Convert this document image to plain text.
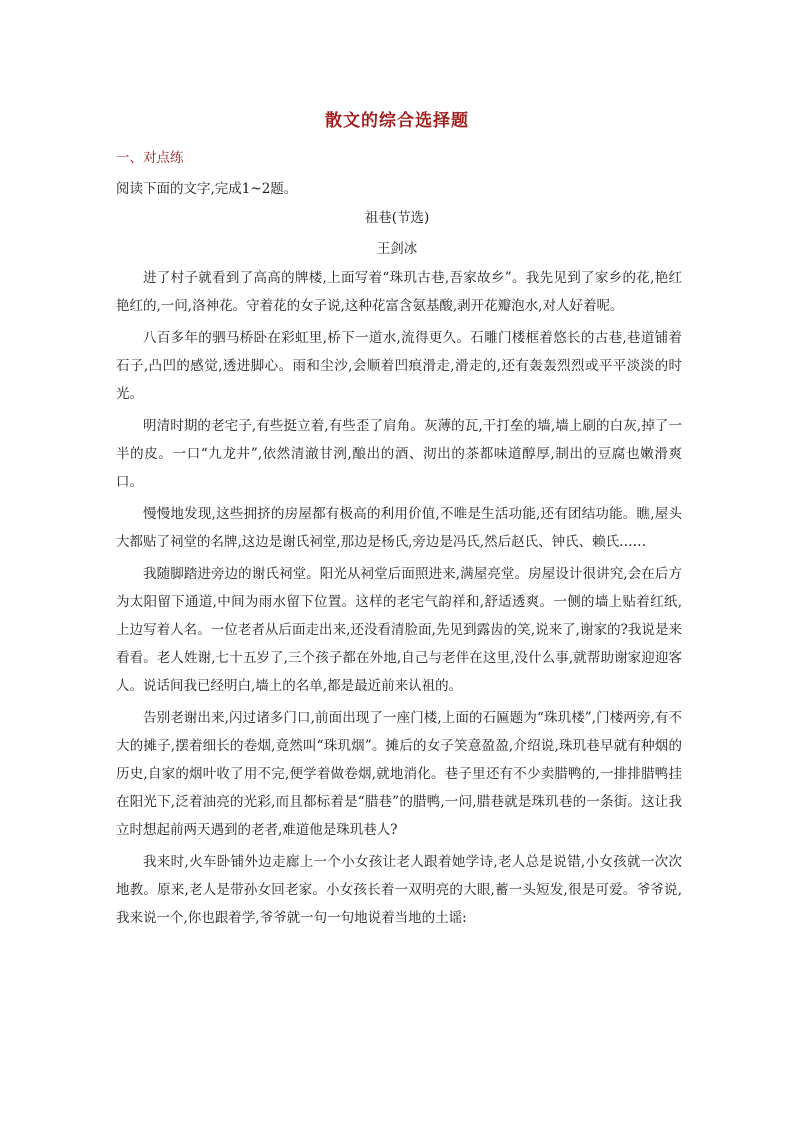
散文的综合选择题
一、对点练
阅读下面的文字,完成1~2题。
祖巷(节选)
王剑冰

进了村子就看到了高高的牌楼,上面写着“珠玑古巷,吾家故乡”。我先见到了家乡的花,艳红艳红的,一问,洛神花。守着花的女子说,这种花富含氨基酸,剥开花瓣泡水,对人好着呢。

八百多年的驷马桥卧在彩虹里,桥下一道水,流得更久。石雕门楼框着悠长的古巷,巷道铺着石子,凸凹的感觉,透进脚心。雨和尘沙,会顺着凹痕滑走,滑走的,还有轰轰烈烈或平平淡淡的时光。

明清时期的老宅子,有些挺立着,有些歪了肩角。灰薄的瓦,干打垒的墙,墙上刷的白灰,掉了一半的皮。一口“九龙井”,依然清澈甘洌,酿出的酒、沏出的茶都味道醇厚,制出的豆腐也嫩滑爽口。

慢慢地发现,这些拥挤的房屋都有极高的利用价值,不唯是生活功能,还有团结功能。瞧,屋头大都贴了祠堂的名牌,这边是谢氏祠堂,那边是杨氏,旁边是冯氏,然后赵氏、钟氏、赖氏……

我随脚踏进旁边的谢氏祠堂。阳光从祠堂后面照进来,满屋亮堂。房屋设计很讲究,会在后方为太阳留下通道,中间为雨水留下位置。这样的老宅气韵祥和,舒适透爽。一侧的墙上贴着红纸,上边写着人名。一位老者从后面走出来,还没看清脸面,先见到露齿的笑,说来了,谢家的?我说是来看看。老人姓谢,七十五岁了,三个孩子都在外地,自己与老伴在这里,没什么事,就帮助谢家迎迎客人。说话间我已经明白,墙上的名单,都是最近前来认祖的。

告别老谢出来,闪过诸多门口,前面出现了一座门楼,上面的石匾题为“珠玑楼”,门楼两旁,有不大的摊子,摆着细长的卷烟,竟然叫“珠玑烟”。摊后的女子笑意盈盈,介绍说,珠玑巷早就有种烟的历史,自家的烟叶收了用不完,便学着做卷烟,就地消化。巷子里还有不少卖腊鸭的,一排排腊鸭挂在阳光下,泛着油亮的光彩,而且都标着是“腊巷”的腊鸭,一问,腊巷就是珠玑巷的一条街。这让我立时想起前两天遇到的老者,难道他是珠玑巷人?

我来时,火车卧铺外边走廊上一个小女孩让老人跟着她学诗,老人总是说错,小女孩就一次次地教。原来,老人是带孙女回老家。小女孩长着一双明亮的大眼,蓄一头短发,很是可爱。爷爷说,我来说一个,你也跟着学,爷爷就一句一句地说着当地的土谣:
